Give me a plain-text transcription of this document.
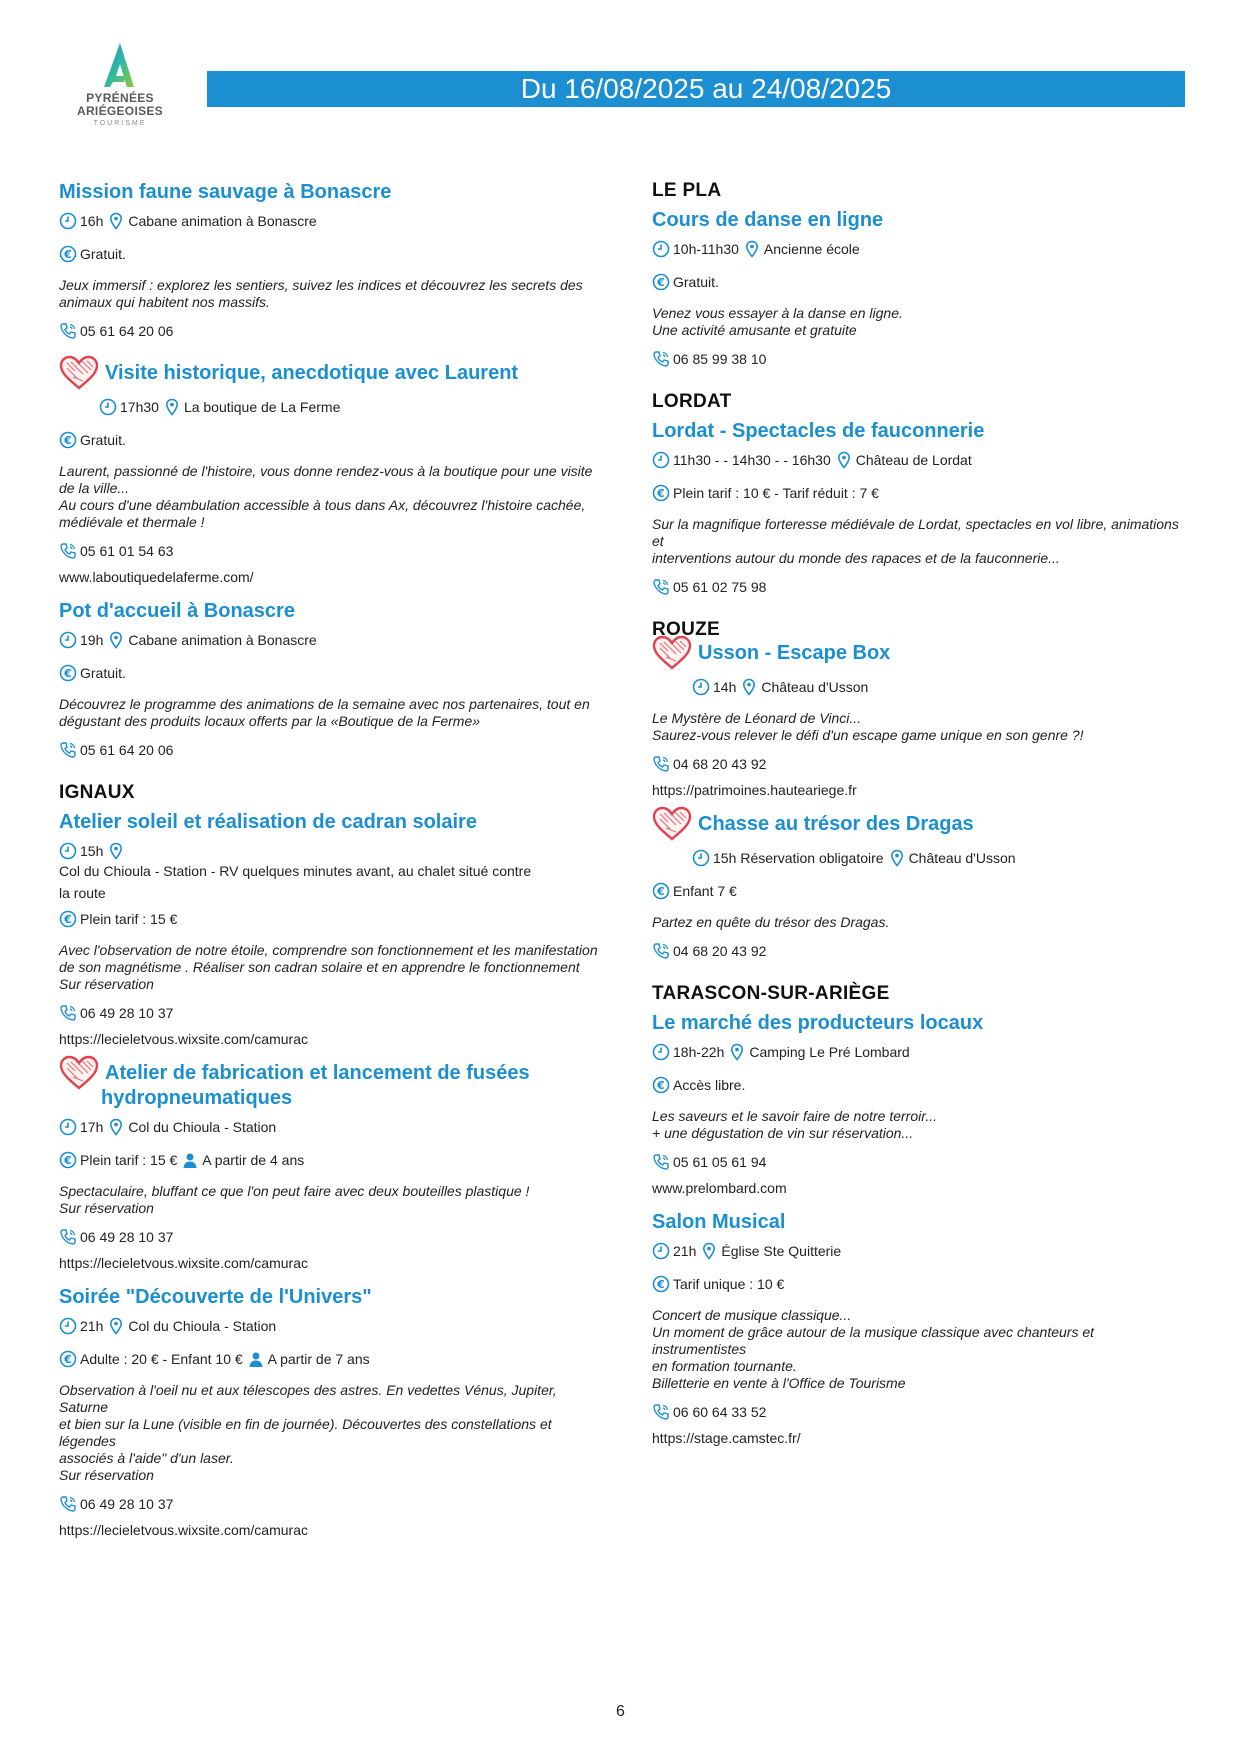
PYRÉNÉES
ARIÉGEOISES
TOURISME
Du 16/08/2025 au 24/08/2025
Mission faune sauvage à Bonascre
16h Cabane animation à Bonascre
Gratuit.
Jeux immersif : explorez les sentiers, suivez les indices et découvrez les secrets des
animaux qui habitent nos massifs.
05 61 64 20 06
Visite historique, anecdotique avec Laurent
17h30 La boutique de La Ferme
Gratuit.
Laurent, passionné de l'histoire, vous donne rendez-vous à la boutique pour une visite
de la ville...
Au cours d'une déambulation accessible à tous dans Ax, découvrez l'histoire cachée,
médiévale et thermale !
05 61 01 54 63
www.laboutiquedelaferme.com/
Pot d'accueil à Bonascre
19h Cabane animation à Bonascre
Gratuit.
Découvrez le programme des animations de la semaine avec nos partenaires, tout en
dégustant des produits locaux offerts par la «Boutique de la Ferme»
05 61 64 20 06
IGNAUX
Atelier soleil et réalisation de cadran solaire
15h
Col du Chioula - Station - RV quelques minutes avant, au chalet situé contre
la route
Plein tarif : 15 €
Avec l'observation de notre étoile, comprendre son fonctionnement et les manifestation
de son magnétisme . Réaliser son cadran solaire et en apprendre le fonctionnement
Sur réservation
06 49 28 10 37
https://lecieletvous.wixsite.com/camurac
Atelier de fabrication et lancement de fusées
hydropneumatiques
17h Col du Chioula - Station
Plein tarif : 15 € A partir de 4 ans
Spectaculaire, bluffant ce que l'on peut faire avec deux bouteilles plastique !
Sur réservation
06 49 28 10 37
https://lecieletvous.wixsite.com/camurac
Soirée "Découverte de l'Univers"
21h Col du Chioula - Station
Adulte : 20 € - Enfant 10 € A partir de 7 ans
Observation à l'oeil nu et aux télescopes des astres. En vedettes Vénus, Jupiter, Saturne
et bien sur la Lune (visible en fin de journée). Découvertes des constellations et légendes
associés à l'aide" d'un laser.
Sur réservation
06 49 28 10 37
https://lecieletvous.wixsite.com/camurac
LE PLA
Cours de danse en ligne
10h-11h30 Ancienne école
Gratuit.
Venez vous essayer à la danse en ligne.
Une activité amusante et gratuite
06 85 99 38 10
LORDAT
Lordat - Spectacles de fauconnerie
11h30 - - 14h30 - - 16h30 Château de Lordat
Plein tarif : 10 € - Tarif réduit : 7 €
Sur la magnifique forteresse médiévale de Lordat, spectacles en vol libre, animations et
interventions autour du monde des rapaces et de la fauconnerie...
05 61 02 75 98
ROUZE
Usson - Escape Box
14h Château d'Usson
Le Mystère de Léonard de Vinci...
Saurez-vous relever le défi d'un escape game unique en son genre ?!
04 68 20 43 92
https://patrimoines.hauteariege.fr
Chasse au trésor des Dragas
15h Réservation obligatoire Château d'Usson
Enfant 7 €
Partez en quête du trésor des Dragas.
04 68 20 43 92
TARASCON-SUR-ARIÈGE
Le marché des producteurs locaux
18h-22h Camping Le Pré Lombard
Accès libre.
Les saveurs et le savoir faire de notre terroir...
+ une dégustation de vin sur réservation...
05 61 05 61 94
www.prelombard.com
Salon Musical
21h Église Ste Quitterie
Tarif unique : 10 €
Concert de musique classique...
Un moment de grâce autour de la musique classique avec chanteurs et instrumentistes
en formation tournante.
Billetterie en vente à l'Office de Tourisme
06 60 64 33 52
https://stage.camstec.fr/
6
